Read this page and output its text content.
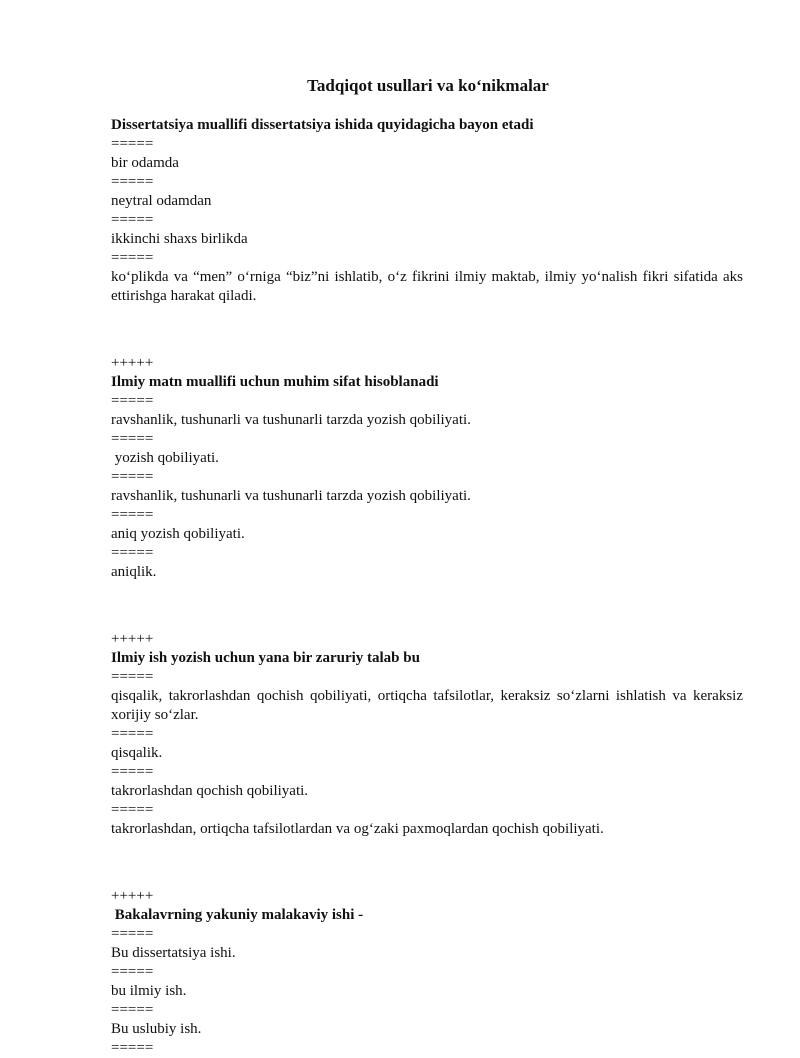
Tadqiqot usullari va ko‘nikmalar

Dissertatsiya muallifi dissertatsiya ishida quyidagicha bayon etadi

=====

bir odamda

=====

neytral odamdan

=====

ikkinchi shaxs birlikda

=====

ko‘plikda va “men” o‘rniga “biz”ni ishlatib, o‘z fikrini ilmiy maktab, ilmiy yo‘nalish fikri sifatida aks ettirishga harakat qiladi.

+++++

Ilmiy matn muallifi uchun muhim sifat hisoblanadi

=====

ravshanlik, tushunarli va tushunarli tarzda yozish qobiliyati.

=====

yozish qobiliyati.

=====

ravshanlik, tushunarli va tushunarli tarzda yozish qobiliyati.

=====

aniq yozish qobiliyati.

=====

aniqlik.

+++++

Ilmiy ish yozish uchun yana bir zaruriy talab bu

=====

qisqalik, takrorlashdan qochish qobiliyati, ortiqcha tafsilotlar, keraksiz so‘zlarni ishlatish va keraksiz xorijiy so‘zlar.

=====

qisqalik.

=====

takrorlashdan qochish qobiliyati.

=====

takrorlashdan, ortiqcha tafsilotlardan va og‘zaki paxmoqlardan qochish qobiliyati.

+++++

Bakalavrning yakuniy malakaviy ishi -

=====

Bu dissertatsiya ishi.

=====

bu ilmiy ish.

=====

Bu uslubiy ish.

=====
